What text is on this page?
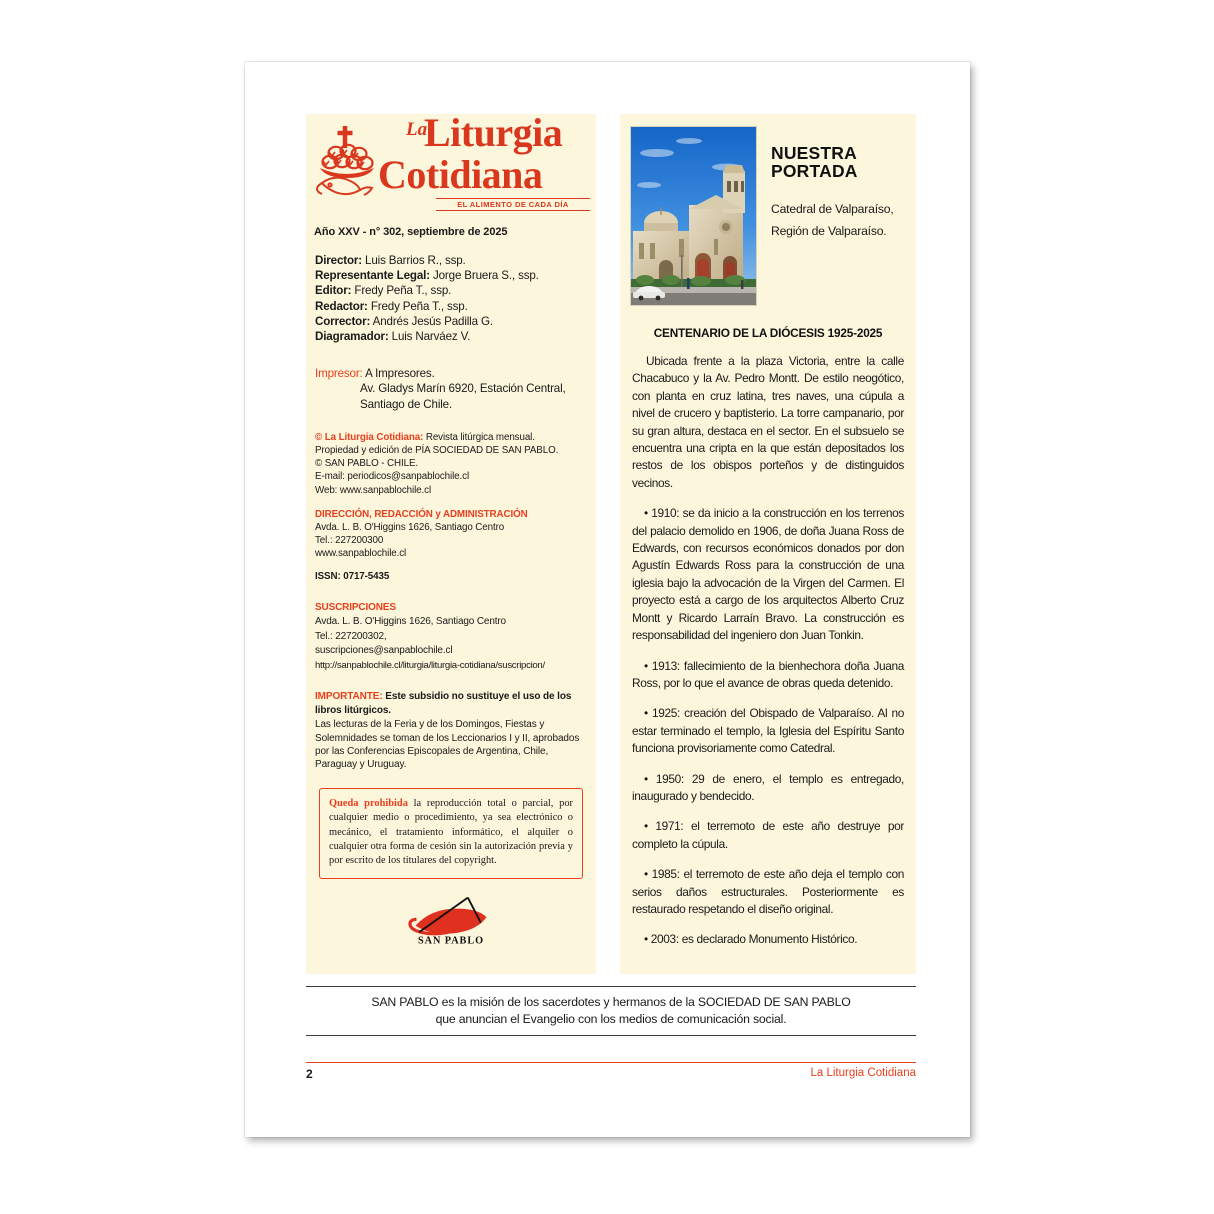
La
Liturgia
Cotidiana
EL ALIMENTO DE CADA DÍA
Año XXV - n° 302, septiembre de 2025
Director: Luis Barrios R., ssp.
Representante Legal: Jorge Bruera S., ssp.
Editor: Fredy Peña T., ssp.
Redactor: Fredy Peña T., ssp.
Corrector: Andrés Jesús Padilla G.
Diagramador: Luis Narváez V.
Impresor: A Impresores.
Av. Gladys Marín 6920, Estación Central,
Santiago de Chile.
© La Liturgia Cotidiana: Revista litúrgica mensual.
Propiedad y edición de PÍA SOCIEDAD DE SAN PABLO.
© SAN PABLO - CHILE.
E-mail: periodicos@sanpablochile.cl
Web: www.sanpablochile.cl
DIRECCIÓN, REDACCIÓN y ADMINISTRACIÓN
Avda. L. B. O'Higgins 1626, Santiago Centro
Tel.: 227200300
www.sanpablochile.cl
ISSN: 0717-5435
SUSCRIPCIONES
Avda. L. B. O'Higgins 1626, Santiago Centro
Tel.: 227200302,
suscripciones@sanpablochile.cl
http://sanpablochile.cl/liturgia/liturgia-cotidiana/suscripcion/
IMPORTANTE: Este subsidio no sustituye el uso de los libros litúrgicos.
Las lecturas de la Feria y de los Domingos, Fiestas y Solemnidades se toman de los Leccionarios I y II, aprobados por las Conferencias Episcopales de Argentina, Chile, Paraguay y Uruguay.
Queda prohibida la reproducción total o parcial, por cualquier medio o procedimiento, ya sea electrónico o mecánico, el tratamiento informático, el alquiler o cualquier otra forma de cesión sin la autorización previa y por escrito de los titulares del copyright.
SAN PABLO
NUESTRA
PORTADA
Catedral de Valparaíso,
Región de Valparaíso.
CENTENARIO DE LA DIÓCESIS 1925-2025

Ubicada frente a la plaza Victoria, entre la calle Chacabuco y la Av. Pedro Montt. De estilo neogótico, con planta en cruz latina, tres naves, una cúpula a nivel de crucero y baptisterio. La torre campanario, por su gran altura, destaca en el sector. En el subsuelo se encuentra una cripta en la que están depositados los restos de los obispos porteños y de distinguidos vecinos.

• 1910: se da inicio a la construcción en los terrenos del palacio demolido en 1906, de doña Juana Ross de Edwards, con recursos económicos donados por don Agustín Edwards Ross para la construcción de una iglesia bajo la advocación de la Virgen del Carmen. El proyecto está a cargo de los arquitectos Alberto Cruz Montt y Ricardo Larraín Bravo. La construcción es responsabilidad del ingeniero don Juan Tonkin.

• 1913: fallecimiento de la bienhechora doña Juana Ross, por lo que el avance de obras queda detenido.

• 1925: creación del Obispado de Valparaíso. Al no estar terminado el templo, la Iglesia del Espíritu Santo funciona provisoriamente como Catedral.

• 1950: 29 de enero, el templo es entregado, inaugurado y bendecido.

• 1971: el terremoto de este año destruye por completo la cúpula.

• 1985: el terremoto de este año deja el templo con serios daños estructurales. Posteriormente es restaurado respetando el diseño original.

• 2003: es declarado Monumento Histórico.

SAN PABLO es la misión de los sacerdotes y hermanos de la SOCIEDAD DE SAN PABLO
que anuncian el Evangelio con los medios de comunicación social.
2	La Liturgia Cotidiana
